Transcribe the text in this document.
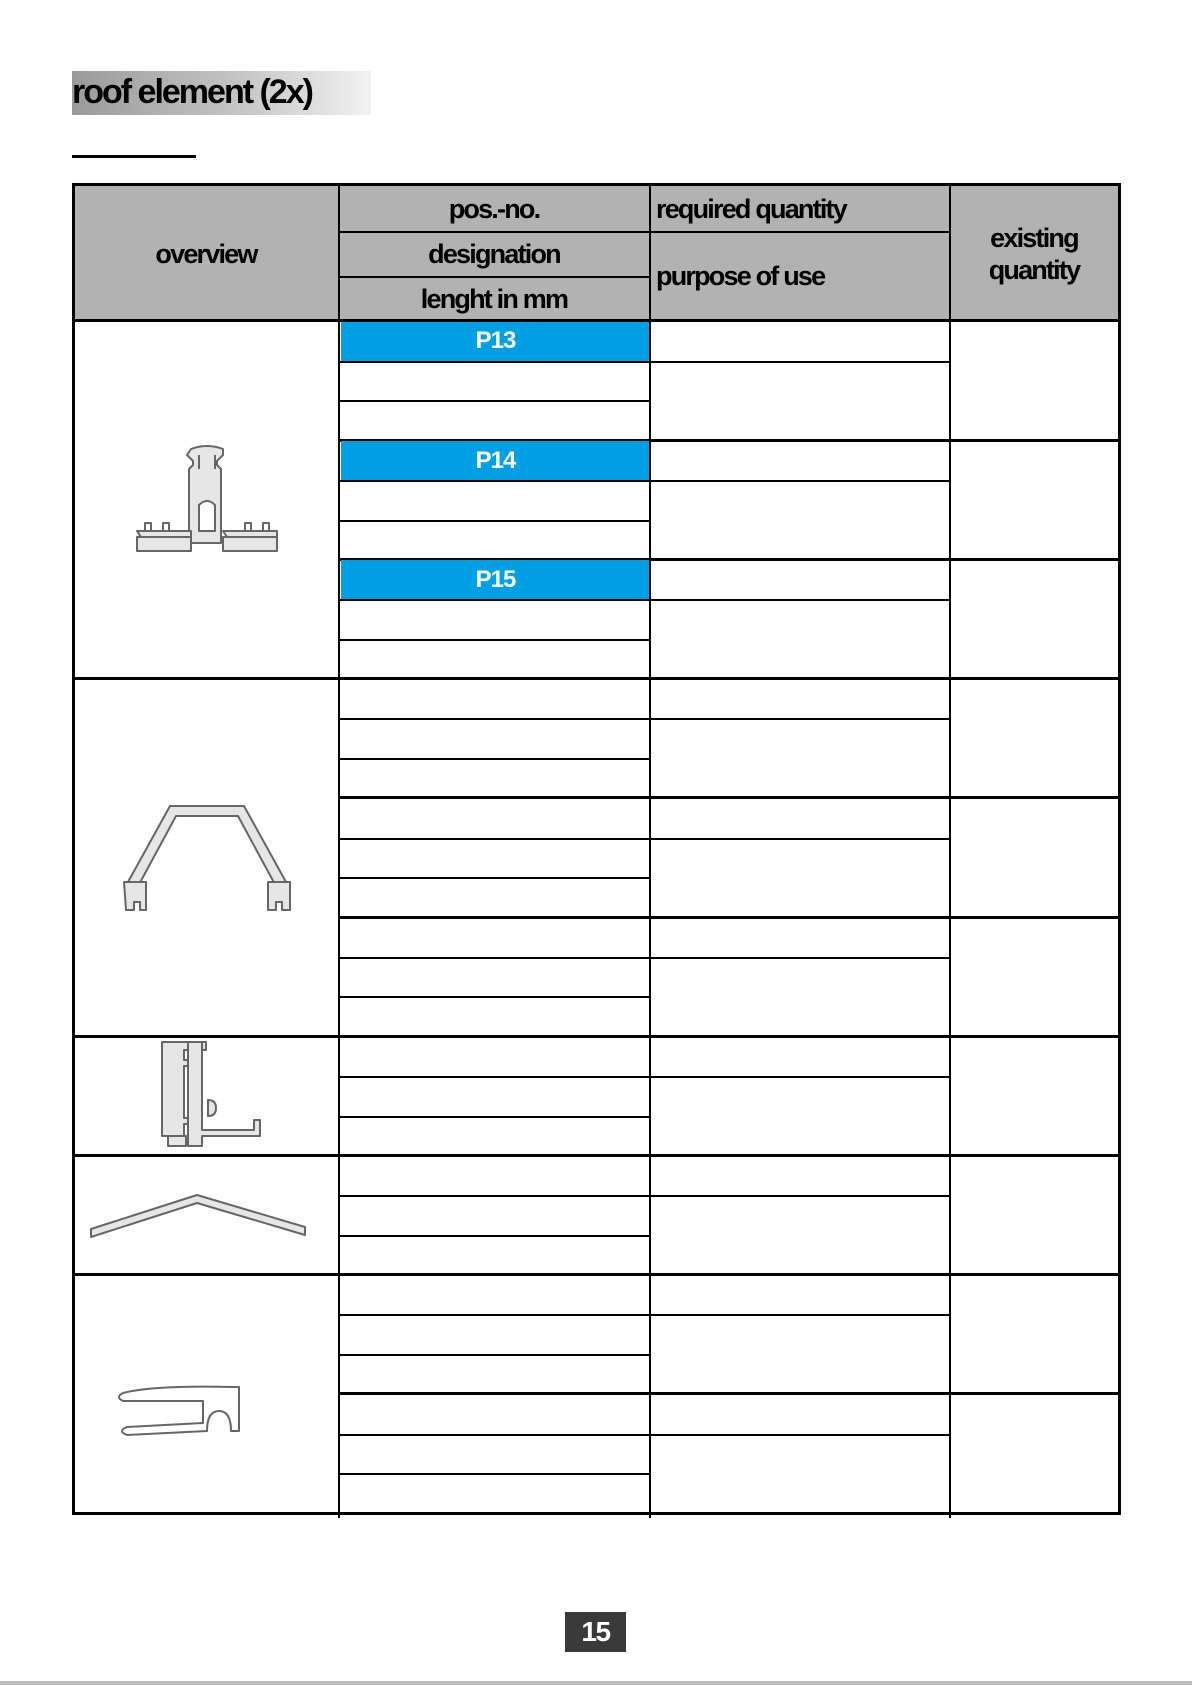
roof element (2x)
overview
pos.-no.
designation
lenght in mm
required quantity
purpose of use
existing
quantity
P13
P14
P15
15
